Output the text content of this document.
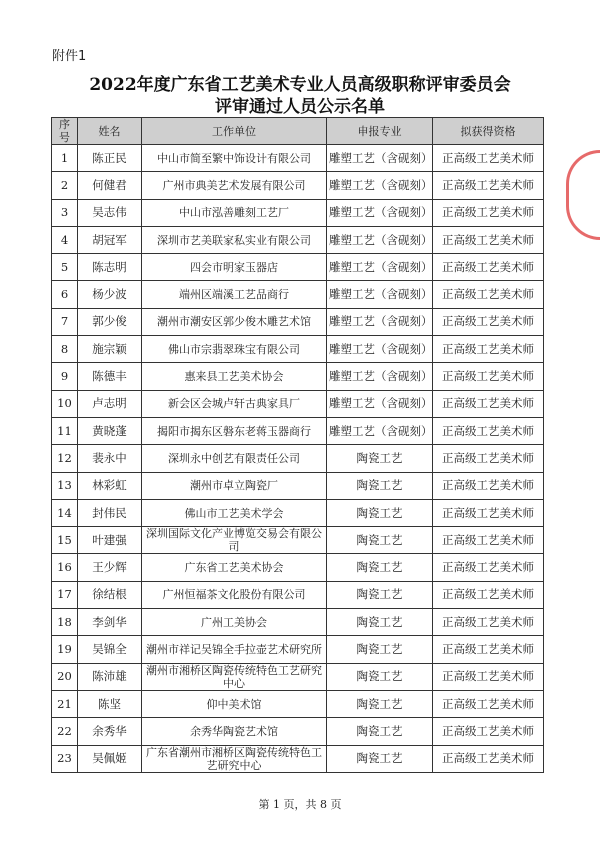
附件1
2022年度广东省工艺美术专业人员高级职称评审委员会
评审通过人员公示名单
序号	姓名	工作单位	申报专业	拟获得资格
1	陈正民	中山市简至繁中饰设计有限公司	雕塑工艺（含砚刻）	正高级工艺美术师
2	何健君	广州市典美艺术发展有限公司	雕塑工艺（含砚刻）	正高级工艺美术师
3	吴志伟	中山市泓善雕刻工艺厂	雕塑工艺（含砚刻）	正高级工艺美术师
4	胡冠军	深圳市艺美联家私实业有限公司	雕塑工艺（含砚刻）	正高级工艺美术师
5	陈志明	四会市明家玉器店	雕塑工艺（含砚刻）	正高级工艺美术师
6	杨少波	端州区端溪工艺品商行	雕塑工艺（含砚刻）	正高级工艺美术师
7	郭少俊	潮州市潮安区郭少俊木雕艺术馆	雕塑工艺（含砚刻）	正高级工艺美术师
8	施宗颖	佛山市宗翡翠珠宝有限公司	雕塑工艺（含砚刻）	正高级工艺美术师
9	陈德丰	惠来县工艺美术协会	雕塑工艺（含砚刻）	正高级工艺美术师
10	卢志明	新会区会城卢轩古典家具厂	雕塑工艺（含砚刻）	正高级工艺美术师
11	黄晓蓬	揭阳市揭东区磐东老蒋玉器商行	雕塑工艺（含砚刻）	正高级工艺美术师
12	裴永中	深圳永中创艺有限责任公司	陶瓷工艺	正高级工艺美术师
13	林彩虹	潮州市卓立陶瓷厂	陶瓷工艺	正高级工艺美术师
14	封伟民	佛山市工艺美术学会	陶瓷工艺	正高级工艺美术师
15	叶建强	深圳国际文化产业博览交易会有限公司	陶瓷工艺	正高级工艺美术师
16	王少辉	广东省工艺美术协会	陶瓷工艺	正高级工艺美术师
17	徐结根	广州恒福茶文化股份有限公司	陶瓷工艺	正高级工艺美术师
18	李剑华	广州工美协会	陶瓷工艺	正高级工艺美术师
19	吴锦全	潮州市祥记吴锦全手拉壶艺术研究所	陶瓷工艺	正高级工艺美术师
20	陈沛雄	潮州市湘桥区陶瓷传统特色工艺研究中心	陶瓷工艺	正高级工艺美术师
21	陈坚	仰中美术馆	陶瓷工艺	正高级工艺美术师
22	余秀华	余秀华陶瓷艺术馆	陶瓷工艺	正高级工艺美术师
23	吴佩姬	广东省潮州市湘桥区陶瓷传统特色工艺研究中心	陶瓷工艺	正高级工艺美术师
第 1 页，共 8 页
